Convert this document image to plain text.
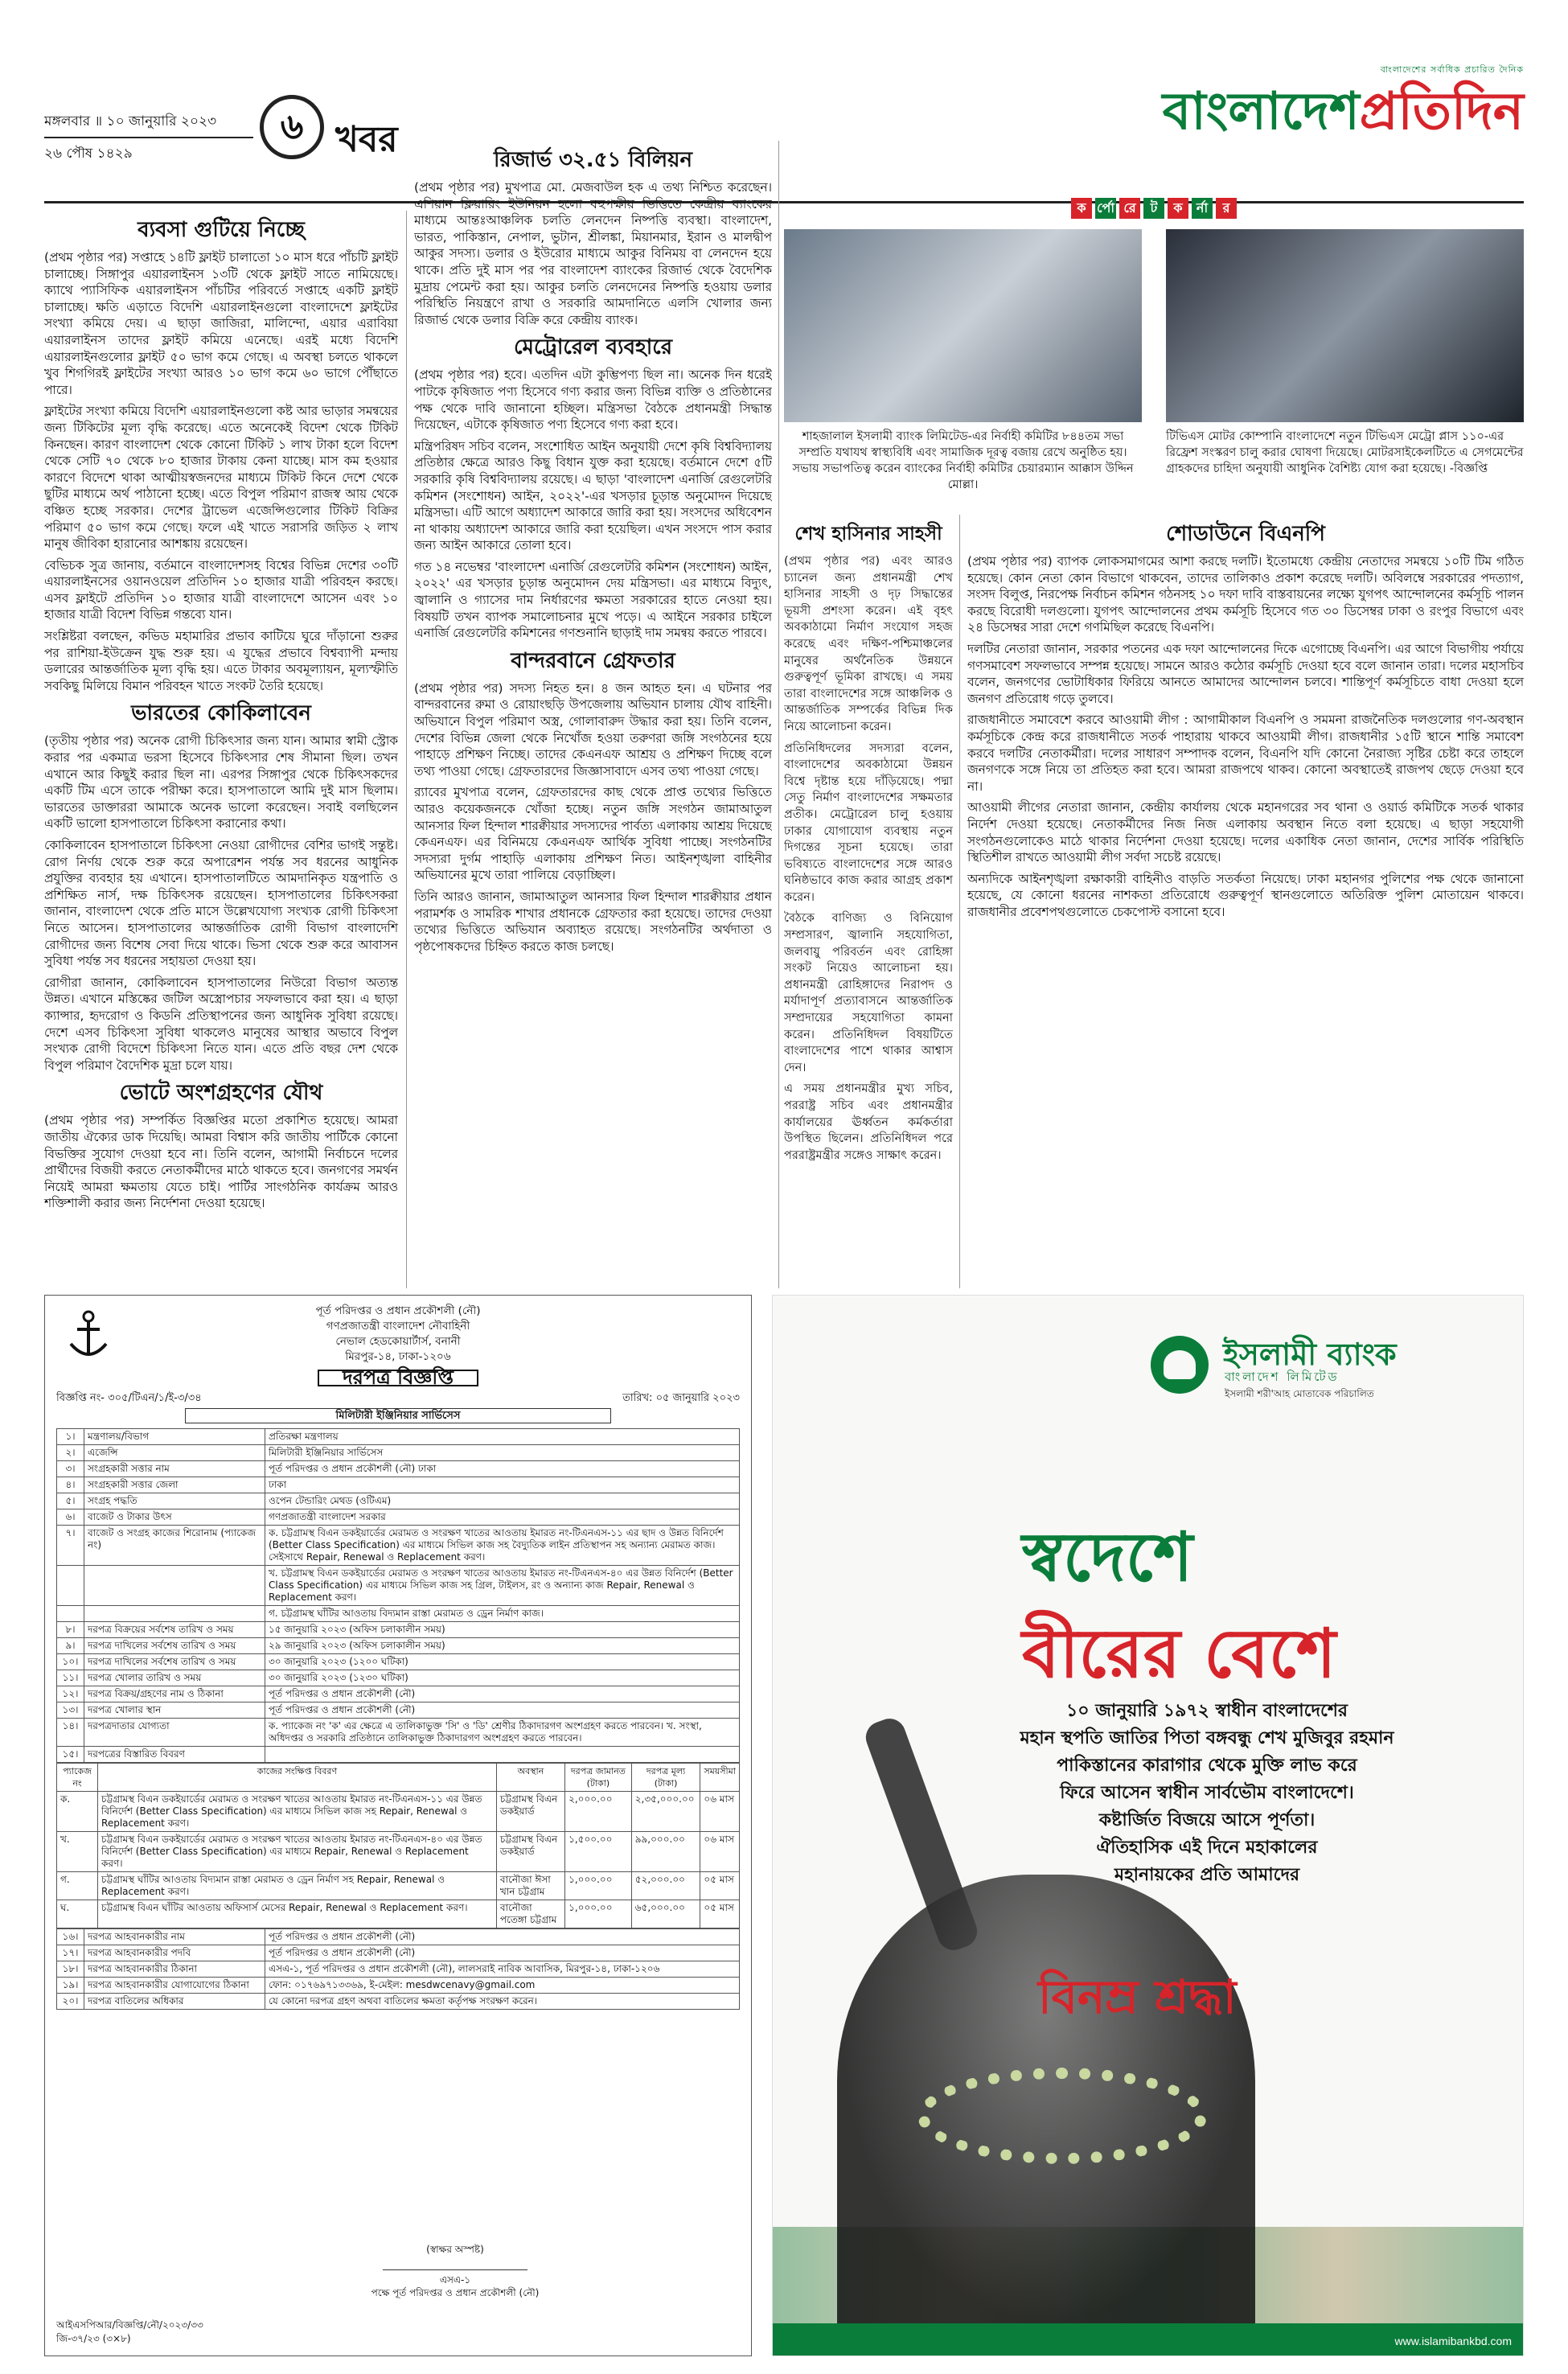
মঙ্গলবার ॥ ১০ জানুয়ারি ২০২৩
২৬ পৌষ ১৪২৯
৬ খবর
বাংলাদেশের সর্বাধিক প্রচারিত দৈনিক
বাংলাদেশপ্রতিদিন
ব্যবসা গুটিয়ে নিচ্ছে

(প্রথম পৃষ্ঠার পর) সপ্তাহে ১৪টি ফ্লাইট চালাতো ১০ মাস ধরে পাঁচটি ফ্লাইট চালাচ্ছে। সিঙ্গাপুর এয়ারলাইনস ১৩টি থেকে ফ্লাইট সাতে নামিয়েছে। ক্যাথে প্যাসিফিক এয়ারলাইনস পাঁচটির পরিবর্তে সপ্তাহে একটি ফ্লাইট চালাচ্ছে। ক্ষতি এড়াতে বিদেশি এয়ারলাইনগুলো বাংলাদেশে ফ্লাইটের সংখ্যা কমিয়ে দেয়। এ ছাড়া জাজিরা, মালিন্দো, এয়ার এরাবিয়া এয়ারলাইনস তাদের ফ্লাইট কমিয়ে এনেছে। এরই মধ্যে বিদেশি এয়ারলাইনগুলোর ফ্লাইট ৫০ ভাগ কমে গেছে। এ অবস্থা চলতে থাকলে খুব শিগগিরই ফ্লাইটের সংখ্যা আরও ১০ ভাগ কমে ৬০ ভাগে পৌঁছাতে পারে।

ফ্লাইটের সংখ্যা কমিয়ে বিদেশি এয়ারলাইনগুলো কষ্ট আর ভাড়ার সমন্বয়ের জন্য টিকিটের মূল্য বৃদ্ধি করেছে। এতে অনেকেই বিদেশ থেকে টিকিট কিনছেন। কারণ বাংলাদেশ থেকে কোনো টিকিট ১ লাখ টাকা হলে বিদেশ থেকে সেটি ৭০ থেকে ৮০ হাজার টাকায় কেনা যাচ্ছে। মাস কম হওয়ার কারণে বিদেশে থাকা আত্মীয়স্বজনদের মাধ্যমে টিকিট কিনে দেশে থেকে ছুটির মাধ্যমে অর্থ পাঠানো হচ্ছে। এতে বিপুল পরিমাণ রাজস্ব আয় থেকে বঞ্চিত হচ্ছে সরকার। দেশের ট্রাভেল এজেন্সিগুলোর টিকিট বিক্রির পরিমাণ ৫০ ভাগ কমে গেছে। ফলে এই খাতে সরাসরি জড়িত ২ লাখ মানুষ জীবিকা হারানোর আশঙ্কায় রয়েছেন।

বেভিচক সুত্র জানায়, বর্তমানে বাংলাদেশসহ বিশ্বের বিভিন্ন দেশের ৩০টি এয়ারলাইনসের ওয়ানওয়েল প্রতিদিন ১০ হাজার যাত্রী পরিবহন করছে। এসব ফ্লাইটে প্রতিদিন ১০ হাজার যাত্রী বাংলাদেশে আসেন এবং ১০ হাজার যাত্রী বিদেশ বিভিন্ন গন্তব্যে যান।

সংশ্লিষ্টরা বলছেন, কভিড মহামারির প্রভাব কাটিয়ে ঘুরে দাঁড়ানো শুরুর পর রাশিয়া-ইউক্রেন যুদ্ধ শুরু হয়। এ যুদ্ধের প্রভাবে বিশ্বব্যাপী মন্দায় ডলারের আন্তর্জাতিক মূল্য বৃদ্ধি হয়। এতে টাকার অবমূল্যায়ন, মূল্যস্ফীতি সবকিছু মিলিয়ে বিমান পরিবহন খাতে সংকট তৈরি হয়েছে।

ভারতের কোকিলাবেন

(তৃতীয় পৃষ্ঠার পর) অনেক রোগী চিকিৎসার জন্য যান। আমার স্বামী স্ট্রোক করার পর একমাত্র ভরসা হিসেবে চিকিৎসার শেষ সীমানা ছিল। তখন এখানে আর কিছুই করার ছিল না। এরপর সিঙ্গাপুর থেকে চিকিৎসকদের একটি টিম এসে তাকে পরীক্ষা করে। হাসপাতালে আমি দুই মাস ছিলাম। ভারতের ডাক্তাররা আমাকে অনেক ভালো করেছেন। সবাই বলছিলেন একটি ভালো হাসপাতালে চিকিৎসা করানোর কথা।

কোকিলাবেন হাসপাতালে চিকিৎসা নেওয়া রোগীদের বেশির ভাগই সন্তুষ্ট। রোগ নির্ণয় থেকে শুরু করে অপারেশন পর্যন্ত সব ধরনের আধুনিক প্রযুক্তির ব্যবহার হয় এখানে। হাসপাতালটিতে আমদানিকৃত যন্ত্রপাতি ও প্রশিক্ষিত নার্স, দক্ষ চিকিৎসক রয়েছেন। হাসপাতালের চিকিৎসকরা জানান, বাংলাদেশ থেকে প্রতি মাসে উল্লেখযোগ্য সংখ্যক রোগী চিকিৎসা নিতে আসেন। হাসপাতালের আন্তর্জাতিক রোগী বিভাগ বাংলাদেশি রোগীদের জন্য বিশেষ সেবা দিয়ে থাকে। ভিসা থেকে শুরু করে আবাসন সুবিধা পর্যন্ত সব ধরনের সহায়তা দেওয়া হয়।

রোগীরা জানান, কোকিলাবেন হাসপাতালের নিউরো বিভাগ অত্যন্ত উন্নত। এখানে মস্তিষ্কের জটিল অস্ত্রোপচার সফলভাবে করা হয়। এ ছাড়া ক্যান্সার, হৃদরোগ ও কিডনি প্রতিস্থাপনের জন্য আধুনিক সুবিধা রয়েছে। দেশে এসব চিকিৎসা সুবিধা থাকলেও মানুষের আস্থার অভাবে বিপুল সংখ্যক রোগী বিদেশে চিকিৎসা নিতে যান। এতে প্রতি বছর দেশ থেকে বিপুল পরিমাণ বৈদেশিক মুদ্রা চলে যায়।

ভোটে অংশগ্রহণের যৌথ

(প্রথম পৃষ্ঠার পর) সম্পর্কিত বিজ্ঞপ্তির মতো প্রকাশিত হয়েছে। আমরা জাতীয় ঐক্যের ডাক দিয়েছি। আমরা বিশ্বাস করি জাতীয় পার্টিকে কোনো বিভক্তির সুযোগ দেওয়া হবে না। তিনি বলেন, আগামী নির্বাচনে দলের প্রার্থীদের বিজয়ী করতে নেতাকর্মীদের মাঠে থাকতে হবে। জনগণের সমর্থন নিয়েই আমরা ক্ষমতায় যেতে চাই। পার্টির সাংগঠনিক কার্যক্রম আরও শক্তিশালী করার জন্য নির্দেশনা দেওয়া হয়েছে।

রিজার্ভ ৩২.৫১ বিলিয়ন

(প্রথম পৃষ্ঠার পর) মুখপাত্র মো. মেজবাউল হক এ তথ্য নিশ্চিত করেছেন। এশিয়ান ক্লিয়ারিং ইউনিয়ন হলো বহুপক্ষীয় ভিত্তিতে কেন্দ্রীয় ব্যাংকের মাধ্যমে আন্তঃআঞ্চলিক চলতি লেনদেন নিষ্পত্তি ব্যবস্থা। বাংলাদেশ, ভারত, পাকিস্তান, নেপাল, ভুটান, শ্রীলঙ্কা, মিয়ানমার, ইরান ও মালদ্বীপ আকুর সদস্য। ডলার ও ইউরোর মাধ্যমে আকুর বিনিময় বা লেনদেন হয়ে থাকে। প্রতি দুই মাস পর পর বাংলাদেশ ব্যাংকের রিজার্ভ থেকে বৈদেশিক মুদ্রায় পেমেন্ট করা হয়। আকুর চলতি লেনদেনের নিষ্পত্তি হওয়ায় ডলার পরিস্থিতি নিয়ন্ত্রণে রাখা ও সরকারি আমদানিতে এলসি খোলার জন্য রিজার্ভ থেকে ডলার বিক্রি করে কেন্দ্রীয় ব্যাংক।

মেট্রোরেল ব্যবহারে

(প্রথম পৃষ্ঠার পর) হবে। এতদিন এটা কুম্ভিপণ্য ছিল না। অনেক দিন ধরেই পাটকে কৃষিজাত পণ্য হিসেবে গণ্য করার জন্য বিভিন্ন ব্যক্তি ও প্রতিষ্ঠানের পক্ষ থেকে দাবি জানানো হচ্ছিল। মন্ত্রিসভা বৈঠকে প্রধানমন্ত্রী সিদ্ধান্ত দিয়েছেন, এটাকে কৃষিজাত পণ্য হিসেবে গণ্য করা হবে।

মন্ত্রিপরিষদ সচিব বলেন, সংশোধিত আইন অনুযায়ী দেশে কৃষি বিশ্ববিদ্যালয় প্রতিষ্ঠার ক্ষেত্রে আরও কিছু বিধান যুক্ত করা হয়েছে। বর্তমানে দেশে ৫টি সরকারি কৃষি বিশ্ববিদ্যালয় রয়েছে। এ ছাড়া 'বাংলাদেশ এনার্জি রেগুলেটরি কমিশন (সংশোধন) আইন, ২০২২'-এর খসড়ার চূড়ান্ত অনুমোদন দিয়েছে মন্ত্রিসভা। এটি আগে অধ্যাদেশ আকারে জারি করা হয়। সংসদের অধিবেশন না থাকায় অধ্যাদেশ আকারে জারি করা হয়েছিল। এখন সংসদে পাস করার জন্য আইন আকারে তোলা হবে।

গত ১৪ নভেম্বর 'বাংলাদেশ এনার্জি রেগুলেটরি কমিশন (সংশোধন) আইন, ২০২২' এর খসড়ার চূড়ান্ত অনুমোদন দেয় মন্ত্রিসভা। এর মাধ্যমে বিদ্যুৎ, জ্বালানি ও গ্যাসের দাম নির্ধারণের ক্ষমতা সরকারের হাতে নেওয়া হয়। বিষয়টি তখন ব্যাপক সমালোচনার মুখে পড়ে। এ আইনে সরকার চাইলে এনার্জি রেগুলেটরি কমিশনের গণশুনানি ছাড়াই দাম সমন্বয় করতে পারবে।

বান্দরবানে গ্রেফতার

(প্রথম পৃষ্ঠার পর) সদস্য নিহত হন। ৪ জন আহত হন। এ ঘটনার পর বান্দরবানের রুমা ও রোয়াংছড়ি উপজেলায় অভিযান চালায় যৌথ বাহিনী। অভিযানে বিপুল পরিমাণ অস্ত্র, গোলাবারুদ উদ্ধার করা হয়। তিনি বলেন, দেশের বিভিন্ন জেলা থেকে নিখোঁজ হওয়া তরুণরা জঙ্গি সংগঠনের হয়ে পাহাড়ে প্রশিক্ষণ নিচ্ছে। তাদের কেএনএফ আশ্রয় ও প্রশিক্ষণ দিচ্ছে বলে তথ্য পাওয়া গেছে। গ্রেফতারদের জিজ্ঞাসাবাদে এসব তথ্য পাওয়া গেছে।

র‍্যাবের মুখপাত্র বলেন, গ্রেফতারদের কাছ থেকে প্রাপ্ত তথ্যের ভিত্তিতে আরও কয়েকজনকে খোঁজা হচ্ছে। নতুন জঙ্গি সংগঠন জামাআতুল আনসার ফিল হিন্দাল শারক্বীয়ার সদস্যদের পার্বত্য এলাকায় আশ্রয় দিয়েছে কেএনএফ। এর বিনিময়ে কেএনএফ আর্থিক সুবিধা পাচ্ছে। সংগঠনটির সদস্যরা দুর্গম পাহাড়ি এলাকায় প্রশিক্ষণ নিত। আইনশৃঙ্খলা বাহিনীর অভিযানের মুখে তারা পালিয়ে বেড়াচ্ছিল।

তিনি আরও জানান, জামাআতুল আনসার ফিল হিন্দাল শারক্বীয়ার প্রধান পরামর্শক ও সামরিক শাখার প্রধানকে গ্রেফতার করা হয়েছে। তাদের দেওয়া তথ্যের ভিত্তিতে অভিযান অব্যাহত রয়েছে। সংগঠনটির অর্থদাতা ও পৃষ্ঠপোষকদের চিহ্নিত করতে কাজ চলছে।

ক র্পো রে ট ক র্না র
শাহজালাল ইসলামী ব্যাংক লিমিটেড-এর নির্বাহী কমিটির ৮৪৪তম সভা সম্প্রতি যথাযথ স্বাস্থ্যবিধি এবং সামাজিক দূরত্ব বজায় রেখে অনুষ্ঠিত হয়। সভায় সভাপতিত্ব করেন ব্যাংকের নির্বাহী কমিটির চেয়ারম্যান আক্কাস উদ্দিন মোল্লা।
টিভিএস মোটর কোম্পানি বাংলাদেশে নতুন টিভিএস মেট্রো প্লাস ১১০-এর রিফ্রেশ সংস্করণ চালু করার ঘোষণা দিয়েছে। মোটরসাইকেলটিতে এ সেগমেন্টের গ্রাহকদের চাহিদা অনুযায়ী আধুনিক বৈশিষ্ট্য যোগ করা হয়েছে। -বিজ্ঞপ্তি
শেখ হাসিনার সাহসী

(প্রথম পৃষ্ঠার পর) এবং আরও চ্যানেল জন্য প্রধানমন্ত্রী শেখ হাসিনার সাহসী ও দৃঢ় সিদ্ধান্তের ভূয়সী প্রশংসা করেন। এই বৃহৎ অবকাঠামো নির্মাণ সংযোগ সহজ করেছে এবং দক্ষিণ-পশ্চিমাঞ্চলের মানুষের অর্থনৈতিক উন্নয়নে গুরুত্বপূর্ণ ভূমিকা রাখছে। এ সময় তারা বাংলাদেশের সঙ্গে আঞ্চলিক ও আন্তর্জাতিক সম্পর্কের বিভিন্ন দিক নিয়ে আলোচনা করেন।

প্রতিনিধিদলের সদস্যরা বলেন, বাংলাদেশের অবকাঠামো উন্নয়ন বিশ্বে দৃষ্টান্ত হয়ে দাঁড়িয়েছে। পদ্মা সেতু নির্মাণ বাংলাদেশের সক্ষমতার প্রতীক। মেট্রোরেল চালু হওয়ায় ঢাকার যোগাযোগ ব্যবস্থায় নতুন দিগন্তের সূচনা হয়েছে। তারা ভবিষ্যতে বাংলাদেশের সঙ্গে আরও ঘনিষ্ঠভাবে কাজ করার আগ্রহ প্রকাশ করেন।

বৈঠকে বাণিজ্য ও বিনিয়োগ সম্প্রসারণ, জ্বালানি সহযোগিতা, জলবায়ু পরিবর্তন এবং রোহিঙ্গা সংকট নিয়েও আলোচনা হয়। প্রধানমন্ত্রী রোহিঙ্গাদের নিরাপদ ও মর্যাদাপূর্ণ প্রত্যাবাসনে আন্তর্জাতিক সম্প্রদায়ের সহযোগিতা কামনা করেন। প্রতিনিধিদল বিষয়টিতে বাংলাদেশের পাশে থাকার আশ্বাস দেন।

এ সময় প্রধানমন্ত্রীর মুখ্য সচিব, পররাষ্ট্র সচিব এবং প্রধানমন্ত্রীর কার্যালয়ের ঊর্ধ্বতন কর্মকর্তারা উপস্থিত ছিলেন। প্রতিনিধিদল পরে পররাষ্ট্রমন্ত্রীর সঙ্গেও সাক্ষাৎ করেন।

শোডাউনে বিএনপি

(প্রথম পৃষ্ঠার পর) ব্যাপক লোকসমাগমের আশা করছে দলটি। ইতোমধ্যে কেন্দ্রীয় নেতাদের সমন্বয়ে ১০টি টিম গঠিত হয়েছে। কোন নেতা কোন বিভাগে থাকবেন, তাদের তালিকাও প্রকাশ করেছে দলটি। অবিলম্বে সরকারের পদত্যাগ, সংসদ বিলুপ্ত, নিরপেক্ষ নির্বাচন কমিশন গঠনসহ ১০ দফা দাবি বাস্তবায়নের লক্ষ্যে যুগপৎ আন্দোলনের কর্মসূচি পালন করছে বিরোধী দলগুলো। যুগপৎ আন্দোলনের প্রথম কর্মসূচি হিসেবে গত ৩০ ডিসেম্বর ঢাকা ও রংপুর বিভাগে এবং ২৪ ডিসেম্বর সারা দেশে গণমিছিল করেছে বিএনপি।

দলটির নেতারা জানান, সরকার পতনের এক দফা আন্দোলনের দিকে এগোচ্ছে বিএনপি। এর আগে বিভাগীয় পর্যায়ে গণসমাবেশ সফলভাবে সম্পন্ন হয়েছে। সামনে আরও কঠোর কর্মসূচি দেওয়া হবে বলে জানান তারা। দলের মহাসচিব বলেন, জনগণের ভোটাধিকার ফিরিয়ে আনতে আমাদের আন্দোলন চলবে। শান্তিপূর্ণ কর্মসূচিতে বাধা দেওয়া হলে জনগণ প্রতিরোধ গড়ে তুলবে।

রাজধানীতে সমাবেশে করবে আওয়ামী লীগ : আগামীকাল বিএনপি ও সমমনা রাজনৈতিক দলগুলোর গণ-অবস্থান কর্মসূচিকে কেন্দ্র করে রাজধানীতে সতর্ক পাহারায় থাকবে আওয়ামী লীগ। রাজধানীর ১৫টি স্থানে শান্তি সমাবেশ করবে দলটির নেতাকর্মীরা। দলের সাধারণ সম্পাদক বলেন, বিএনপি যদি কোনো নৈরাজ্য সৃষ্টির চেষ্টা করে তাহলে জনগণকে সঙ্গে নিয়ে তা প্রতিহত করা হবে। আমরা রাজপথে থাকব। কোনো অবস্থাতেই রাজপথ ছেড়ে দেওয়া হবে না।

আওয়ামী লীগের নেতারা জানান, কেন্দ্রীয় কার্যালয় থেকে মহানগরের সব থানা ও ওয়ার্ড কমিটিকে সতর্ক থাকার নির্দেশ দেওয়া হয়েছে। নেতাকর্মীদের নিজ নিজ এলাকায় অবস্থান নিতে বলা হয়েছে। এ ছাড়া সহযোগী সংগঠনগুলোকেও মাঠে থাকার নির্দেশনা দেওয়া হয়েছে। দলের একাধিক নেতা জানান, দেশের সার্বিক পরিস্থিতি স্থিতিশীল রাখতে আওয়ামী লীগ সর্বদা সচেষ্ট রয়েছে।

অন্যদিকে আইনশৃঙ্খলা রক্ষাকারী বাহিনীও বাড়তি সতর্কতা নিয়েছে। ঢাকা মহানগর পুলিশের পক্ষ থেকে জানানো হয়েছে, যে কোনো ধরনের নাশকতা প্রতিরোধে গুরুত্বপূর্ণ স্থানগুলোতে অতিরিক্ত পুলিশ মোতায়েন থাকবে। রাজধানীর প্রবেশপথগুলোতে চেকপোস্ট বসানো হবে।

পূর্ত পরিদপ্তর ও প্রধান প্রকৌশলী (নৌ)
গণপ্রজাতন্ত্রী বাংলাদেশ নৌবাহিনী
নেভাল হেডকোয়ার্টার্স, বনানী
মিরপুর-১৪, ঢাকা-১২০৬
দরপত্র বিজ্ঞপ্তি
বিজ্ঞপ্তি নং- ৩০৫/টিএন/১/ই-৩/৩৪	তারিখ: ০৫ জানুয়ারি ২০২৩
মিলিটারী ইঞ্জিনিয়ার সার্ভিসেস
১।	মন্ত্রণালয়/বিভাগ	প্রতিরক্ষা মন্ত্রণালয়
২।	এজেন্সি	মিলিটারী ইঞ্জিনিয়ার সার্ভিসেস
৩।	সংগ্রহকারী সত্তার নাম	পূর্ত পরিদপ্তর ও প্রধান প্রকৌশলী (নৌ) ঢাকা
৪।	সংগ্রহকারী সত্তার জেলা	ঢাকা
৫।	সংগ্রহ পদ্ধতি	ওপেন টেন্ডারিং মেথড (ওটিএম)
৬।	বাজেট ও টাকার উৎস	গণপ্রজাতন্ত্রী বাংলাদেশ সরকার
৭।	বাজেট ও সংগ্রহ কাজের শিরোনাম (প্যাকেজ নং)	ক. চট্টগ্রামস্থ বিএন ডকইয়ার্ডের মেরামত ও সংরক্ষণ খাতের আওতায় ইমারত নং-টিএনএস-১১ এর ছাদ ও উন্নত বিনির্দেশ (Better Class Specification) এর মাধ্যমে সিভিল কাজ সহ বৈদ্যুতিক লাইন প্রতিস্থাপন সহ অন্যান্য মেরামত কাজ। সেইসাথে Repair, Renewal ও Replacement করণ।
		খ. চট্টগ্রামস্থ বিএন ডকইয়ার্ডের মেরামত ও সংরক্ষণ খাতের আওতায় ইমারত নং-টিএনএস-৪০ এর উন্নত বিনির্দেশ (Better Class Specification) এর মাধ্যমে সিভিল কাজ সহ গ্রিল, টাইলস, রং ও অন্যান্য কাজ Repair, Renewal ও Replacement করণ।
		গ. চট্টগ্রামস্থ ঘাঁটির আওতায় বিদ্যমান রাস্তা মেরামত ও ড্রেন নির্মাণ কাজ।
৮।	দরপত্র বিক্রয়ের সর্বশেষ তারিখ ও সময়	১৫ জানুয়ারি ২০২৩ (অফিস চলাকালীন সময়)
৯।	দরপত্র দাখিলের সর্বশেষ তারিখ ও সময়	২৯ জানুয়ারি ২০২৩ (অফিস চলাকালীন সময়)
১০।	দরপত্র দাখিলের সর্বশেষ তারিখ ও সময়	৩০ জানুয়ারি ২০২৩ (১২০০ ঘটিকা)
১১।	দরপত্র খোলার তারিখ ও সময়	৩০ জানুয়ারি ২০২৩ (১২৩০ ঘটিকা)
১২।	দরপত্র বিক্রয়/গ্রহণের নাম ও ঠিকানা	পূর্ত পরিদপ্তর ও প্রধান প্রকৌশলী (নৌ)
১৩।	দরপত্র খোলার স্থান	পূর্ত পরিদপ্তর ও প্রধান প্রকৌশলী (নৌ)
১৪।	দরপত্রদাতার যোগ্যতা	ক. প্যাকেজ নং 'ক' এর ক্ষেত্রে এ তালিকাভুক্ত 'সি' ও 'ডি' শ্রেণীর ঠিকাদারগণ অংশগ্রহণ করতে পারবেন। খ. সংস্থা, অধিদপ্তর ও সরকারি প্রতিষ্ঠানে তালিকাভুক্ত ঠিকাদারগণ অংশগ্রহণ করতে পারবেন।
১৫।	দরপত্রের বিস্তারিত বিবরণ	
প্যাকেজ নং	কাজের সংক্ষিপ্ত বিবরণ	অবস্থান	দরপত্র জামানত (টাকা)	দরপত্র মূল্য (টাকা)	সময়সীমা
ক.	চট্টগ্রামস্থ বিএন ডকইয়ার্ডের মেরামত ও সংরক্ষণ খাতের আওতায় ইমারত নং-টিএনএস-১১ এর উন্নত বিনির্দেশ (Better Class Specification) এর মাধ্যমে সিভিল কাজ সহ Repair, Renewal ও Replacement করণ।	চট্টগ্রামস্থ বিএন ডকইয়ার্ড	২,০০০.০০	২,৩৫,০০০.০০	০৬ মাস
খ.	চট্টগ্রামস্থ বিএন ডকইয়ার্ডের মেরামত ও সংরক্ষণ খাতের আওতায় ইমারত নং-টিএনএস-৪০ এর উন্নত বিনির্দেশ (Better Class Specification) এর মাধ্যমে Repair, Renewal ও Replacement করণ।	চট্টগ্রামস্থ বিএন ডকইয়ার্ড	১,৫০০.০০	৯৯,০০০.০০	০৬ মাস
গ.	চট্টগ্রামস্থ ঘাঁটির আওতায় বিদ্যমান রাস্তা মেরামত ও ড্রেন নির্মাণ সহ Repair, Renewal ও Replacement করণ।	বানৌজা ঈসা খান চট্টগ্রাম	১,০০০.০০	৫২,০০০.০০	০৫ মাস
ঘ.	চট্টগ্রামস্থ বিএন ঘাঁটির আওতায় অফিসার্স মেসের Repair, Renewal ও Replacement করণ।	বানৌজা পতেঙ্গা চট্টগ্রাম	১,০০০.০০	৬৫,০০০.০০	০৫ মাস
১৬।	দরপত্র আহবানকারীর নাম	পূর্ত পরিদপ্তর ও প্রধান প্রকৌশলী (নৌ)
১৭।	দরপত্র আহবানকারীর পদবি	পূর্ত পরিদপ্তর ও প্রধান প্রকৌশলী (নৌ)
১৮।	দরপত্র আহবানকারীর ঠিকানা	এসএ-১, পূর্ত পরিদপ্তর ও প্রধান প্রকৌশলী (নৌ), লালসরাই নাবিক আবাসিক, মিরপুর-১৪, ঢাকা-১২০৬
১৯।	দরপত্র আহবানকারীর যোগাযোগের ঠিকানা	ফোন: ০১৭৬৯৭১৩৩৬৯, ই-মেইল: mesdwcenavy@gmail.com
২০।	দরপত্র বাতিলের অধিকার	যে কোনো দরপত্র গ্রহণ অথবা বাতিলের ক্ষমতা কর্তৃপক্ষ সংরক্ষণ করেন।
(স্বাক্ষর অস্পষ্ট)
এসএ-১
পক্ষে পূর্ত পরিদপ্তর ও প্রধান প্রকৌশলী (নৌ)
আইএসপিআর/বিজ্ঞপ্তি/নৌ/২০২৩/৩৩
জি-৩৭/২৩ (৩×৮)
ইসলামী ব্যাংক
বাংলাদেশ লিমিটেড
ইসলামী শরী'আহ মোতাবেক পরিচালিত
স্বদেশে
বীরের বেশে
১০ জানুয়ারি ১৯৭২ স্বাধীন বাংলাদেশের
মহান স্থপতি জাতির পিতা বঙ্গবন্ধু শেখ মুজিবুর রহমান
পাকিস্তানের কারাগার থেকে মুক্তি লাভ করে
ফিরে আসেন স্বাধীন সার্বভৌম বাংলাদেশে।
কষ্টার্জিত বিজয়ে আসে পূর্ণতা।
ঐতিহাসিক এই দিনে মহাকালের
মহানায়কের প্রতি আমাদের
বিনম্র শ্রদ্ধা
www.islamibankbd.com
